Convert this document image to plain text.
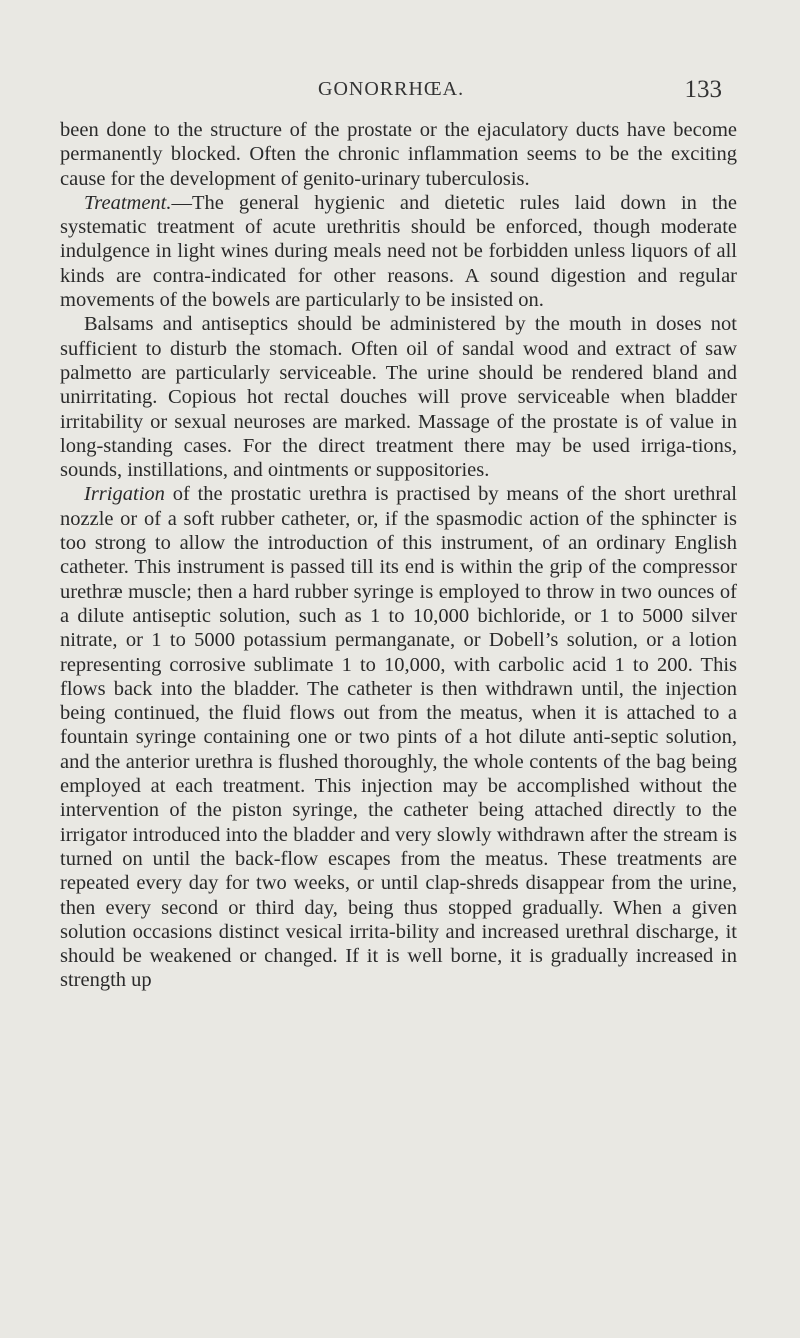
GONORRHŒA.	133

been done to the structure of the prostate or the ejaculatory ducts have become permanently blocked. Often the chronic inflammation seems to be the exciting cause for the development of genito-urinary tuberculosis.

Treatment.—The general hygienic and dietetic rules laid down in the systematic treatment of acute urethritis should be enforced, though moderate indulgence in light wines during meals need not be forbidden unless liquors of all kinds are contra-indicated for other reasons. A sound digestion and regular movements of the bowels are particularly to be insisted on.

Balsams and antiseptics should be administered by the mouth in doses not sufficient to disturb the stomach. Often oil of sandal wood and extract of saw palmetto are particularly serviceable. The urine should be rendered bland and unirritating. Copious hot rectal douches will prove serviceable when bladder irritability or sexual neuroses are marked. Massage of the prostate is of value in long-standing cases. For the direct treatment there may be used irriga-tions, sounds, instillations, and ointments or suppositories.

Irrigation of the prostatic urethra is practised by means of the short urethral nozzle or of a soft rubber catheter, or, if the spasmodic action of the sphincter is too strong to allow the introduction of this instrument, of an ordinary English catheter. This instrument is passed till its end is within the grip of the compressor urethræ muscle; then a hard rubber syringe is employed to throw in two ounces of a dilute antiseptic solution, such as 1 to 10,000 bichloride, or 1 to 5000 silver nitrate, or 1 to 5000 potassium permanganate, or Dobell’s solution, or a lotion representing corrosive sublimate 1 to 10,000, with carbolic acid 1 to 200. This flows back into the bladder. The catheter is then withdrawn until, the injection being continued, the fluid flows out from the meatus, when it is attached to a fountain syringe containing one or two pints of a hot dilute anti-septic solution, and the anterior urethra is flushed thoroughly, the whole contents of the bag being employed at each treatment. This injection may be accomplished without the intervention of the piston syringe, the catheter being attached directly to the irrigator introduced into the bladder and very slowly withdrawn after the stream is turned on until the back-flow escapes from the meatus. These treatments are repeated every day for two weeks, or until clap-shreds disappear from the urine, then every second or third day, being thus stopped gradually. When a given solution occasions distinct vesical irrita-bility and increased urethral discharge, it should be weakened or changed. If it is well borne, it is gradually increased in strength up
